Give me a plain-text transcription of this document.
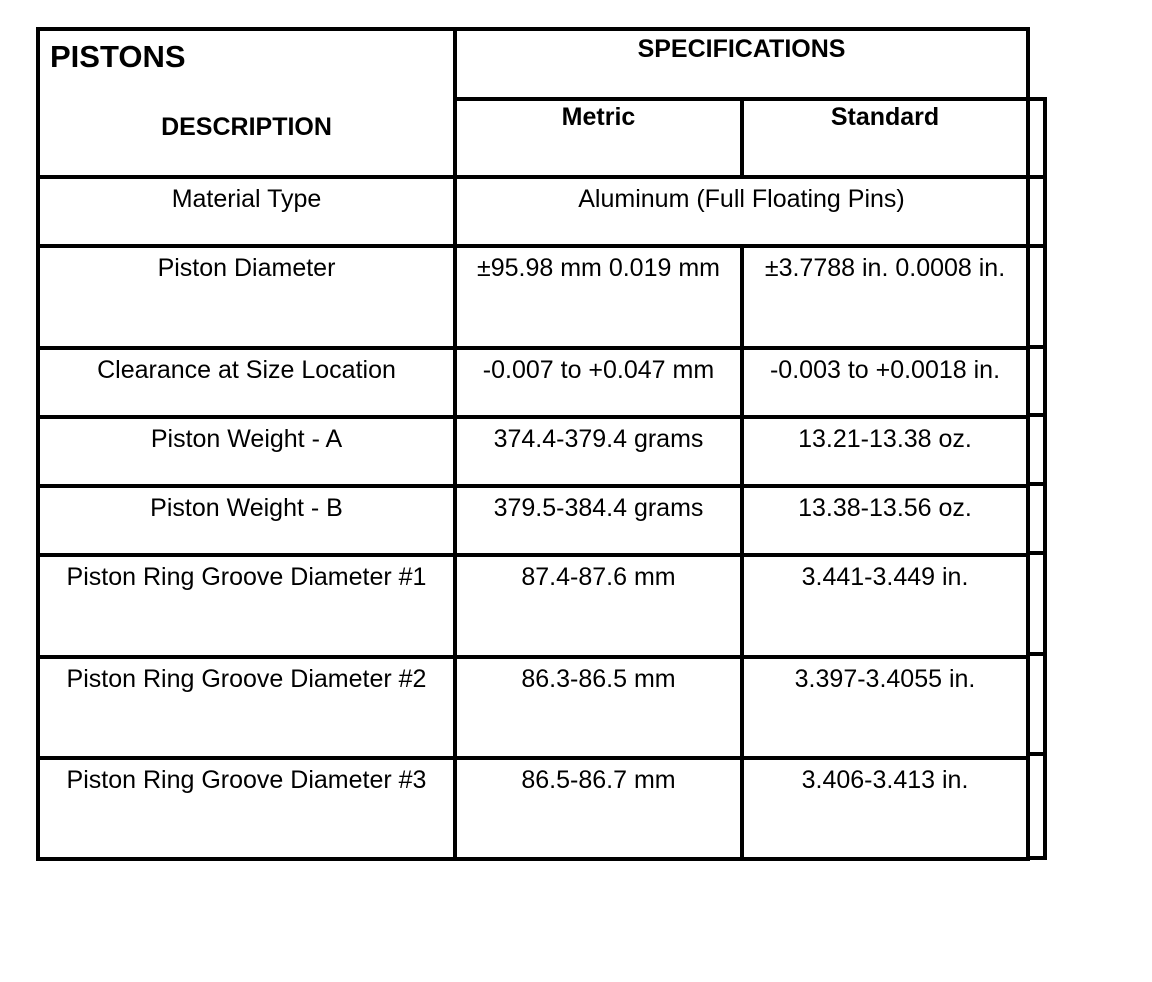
PISTONS
DESCRIPTION	SPECIFICATIONS	
	Metric	Standard
Material Type	Aluminum (Full Floating Pins)	
Piston Diameter	±95.98 mm 0.019 mm	±3.7788 in. 0.0008 in.
Clearance at Size Location	-0.007 to +0.047 mm	-0.003 to +0.0018 in.
Piston Weight - A	374.4-379.4 grams	13.21-13.38 oz.
Piston Weight - B	379.5-384.4 grams	13.38-13.56 oz.
Piston Ring Groove Diameter #1	87.4-87.6 mm	3.441-3.449 in.
Piston Ring Groove Diameter #2	86.3-86.5 mm	3.397-3.4055 in.
Piston Ring Groove Diameter #3	86.5-86.7 mm	3.406-3.413 in.
